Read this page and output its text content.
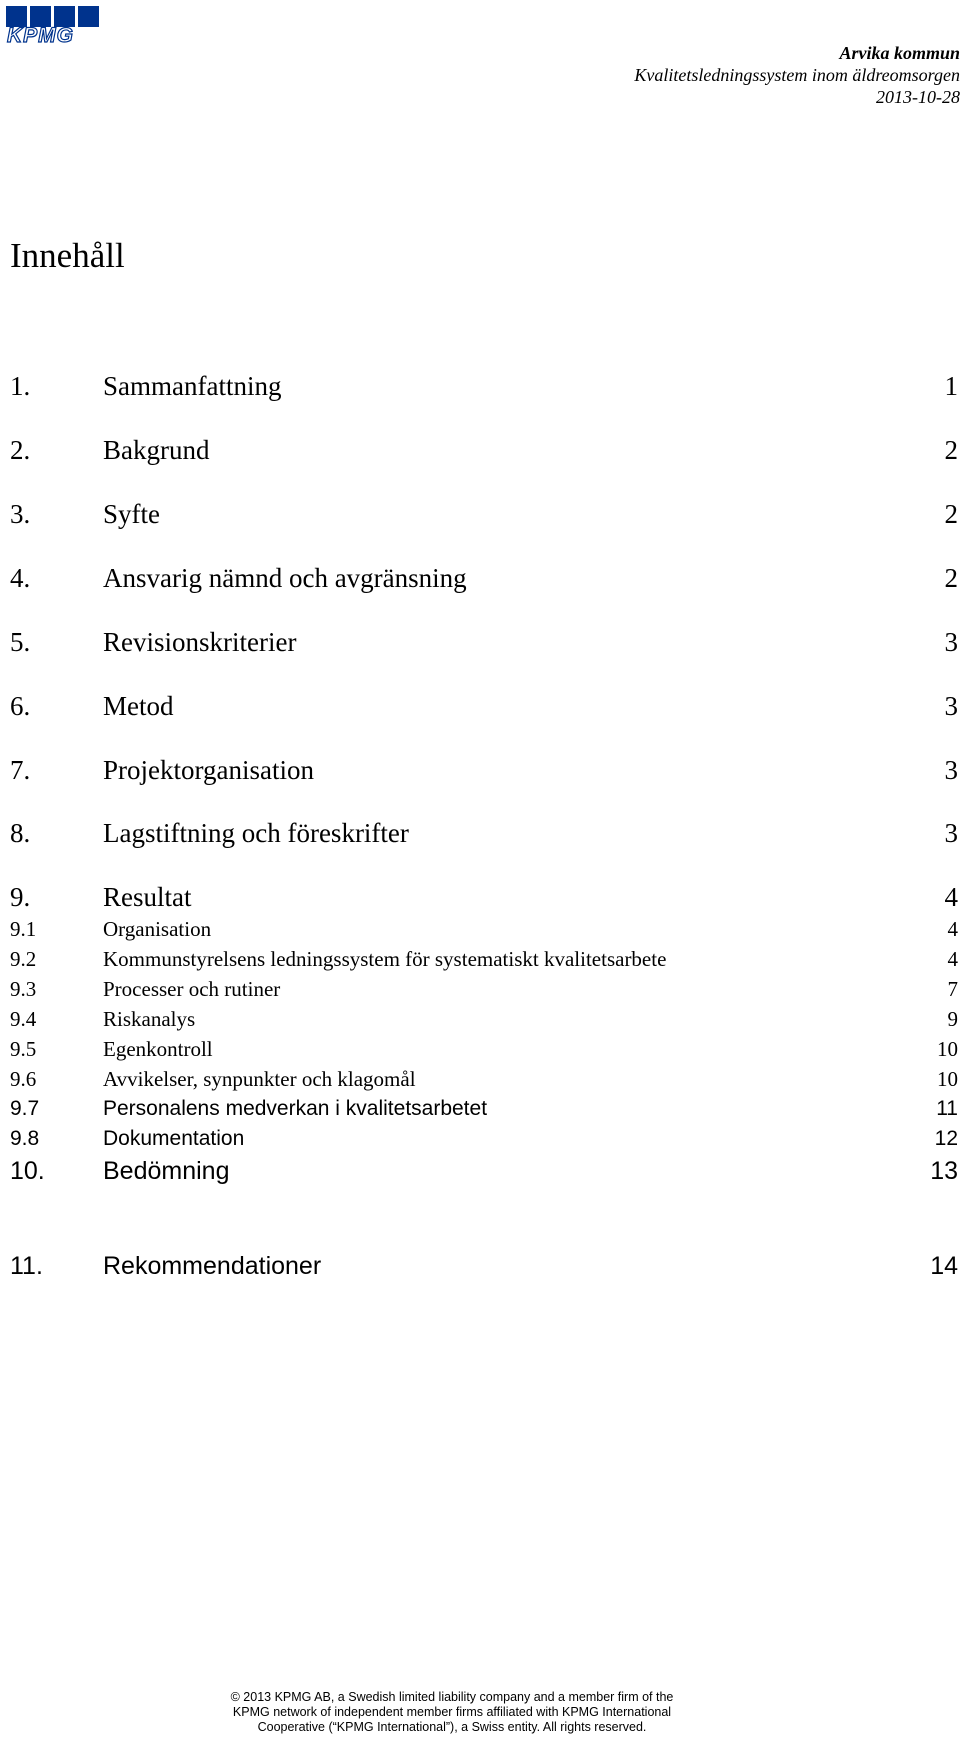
KPMG
Arvika kommun
Kvalitetsledningssystem inom äldreomsorgen
2013-10-28
Innehåll
1.	Sammanfattning	1
2.	Bakgrund	2
3.	Syfte	2
4.	Ansvarig nämnd och avgränsning	2
5.	Revisionskriterier	3
6.	Metod	3
7.	Projektorganisation	3
8.	Lagstiftning och föreskrifter	3
9.	Resultat	4
9.1	Organisation	4
9.2	Kommunstyrelsens ledningssystem för systematiskt kvalitetsarbete	4
9.3	Processer och rutiner	7
9.4	Riskanalys	9
9.5	Egenkontroll	10
9.6	Avvikelser, synpunkter och klagomål	10
9.7	Personalens medverkan i kvalitetsarbetet	11
9.8	Dokumentation	12
10. Bedömning	13
11. Rekommendationer	14
© 2013 KPMG AB, a Swedish limited liability company and a member firm of the
KPMG network of independent member firms affiliated with KPMG International
Cooperative (“KPMG International”), a Swiss entity. All rights reserved.
